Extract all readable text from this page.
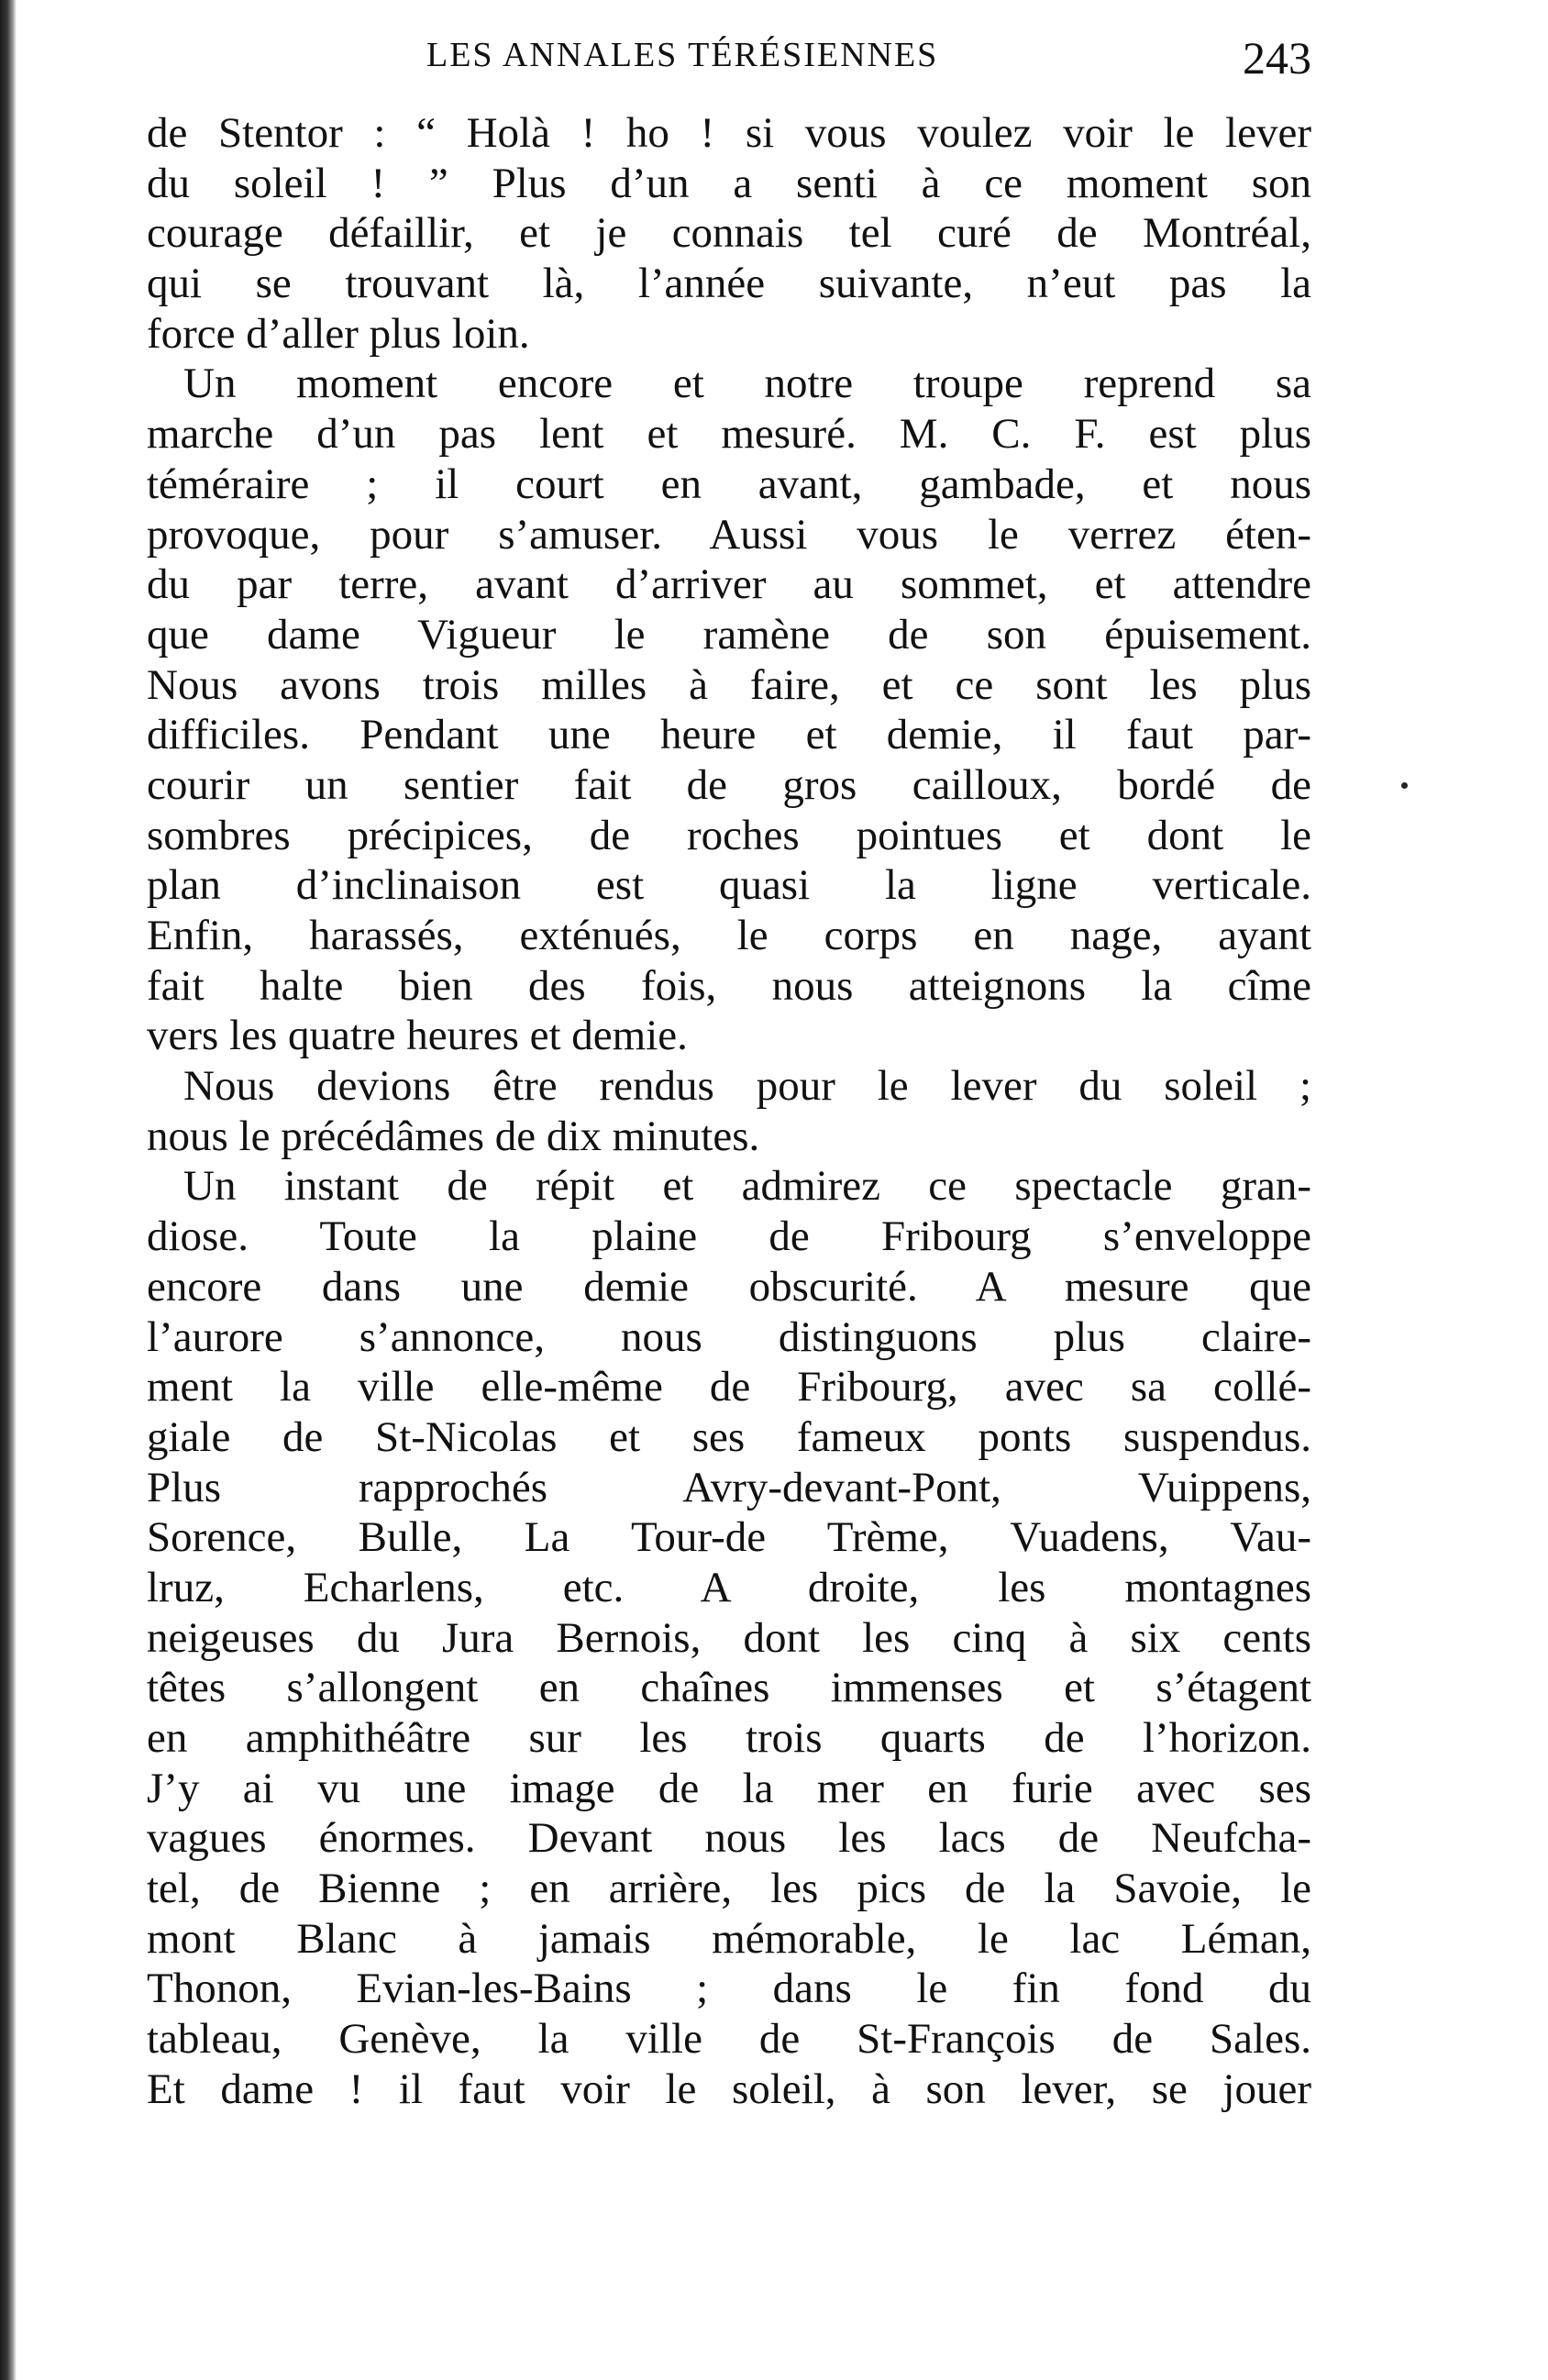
LES ANNALES TÉRÉSIENNES	243
de Stentor : “ Holà ! ho ! si vous voulez voir le lever
du soleil ! ” Plus d’un a senti à ce moment son
courage défaillir, et je connais tel curé de Montréal,
qui se trouvant là, l’année suivante, n’eut pas la
force d’aller plus loin.
Un moment encore et notre troupe reprend sa
marche d’un pas lent et mesuré. M. C. F. est plus
téméraire ; il court en avant, gambade, et nous
provoque, pour s’amuser. Aussi vous le verrez éten-
du par terre, avant d’arriver au sommet, et attendre
que dame Vigueur le ramène de son épuisement.
Nous avons trois milles à faire, et ce sont les plus
difficiles. Pendant une heure et demie, il faut par-
courir un sentier fait de gros cailloux, bordé de
sombres précipices, de roches pointues et dont le
plan d’inclinaison est quasi la ligne verticale.
Enfin, harassés, exténués, le corps en nage, ayant
fait halte bien des fois, nous atteignons la cîme
vers les quatre heures et demie.
Nous devions être rendus pour le lever du soleil ;
nous le précédâmes de dix minutes.
Un instant de répit et admirez ce spectacle gran-
diose. Toute la plaine de Fribourg s’enveloppe
encore dans une demie obscurité. A mesure que
l’aurore s’annonce, nous distinguons plus claire-
ment la ville elle-même de Fribourg, avec sa collé-
giale de St-Nicolas et ses fameux ponts suspendus.
Plus rapprochés Avry-devant-Pont, Vuippens,
Sorence, Bulle, La Tour-de Trème, Vuadens, Vau-
lruz, Echarlens, etc. A droite, les montagnes
neigeuses du Jura Bernois, dont les cinq à six cents
têtes s’allongent en chaînes immenses et s’étagent
en amphithéâtre sur les trois quarts de l’horizon.
J’y ai vu une image de la mer en furie avec ses
vagues énormes. Devant nous les lacs de Neufcha-
tel, de Bienne ; en arrière, les pics de la Savoie, le
mont Blanc à jamais mémorable, le lac Léman,
Thonon, Evian-les-Bains ; dans le fin fond du
tableau, Genève, la ville de St-François de Sales.
Et dame ! il faut voir le soleil, à son lever, se jouer
